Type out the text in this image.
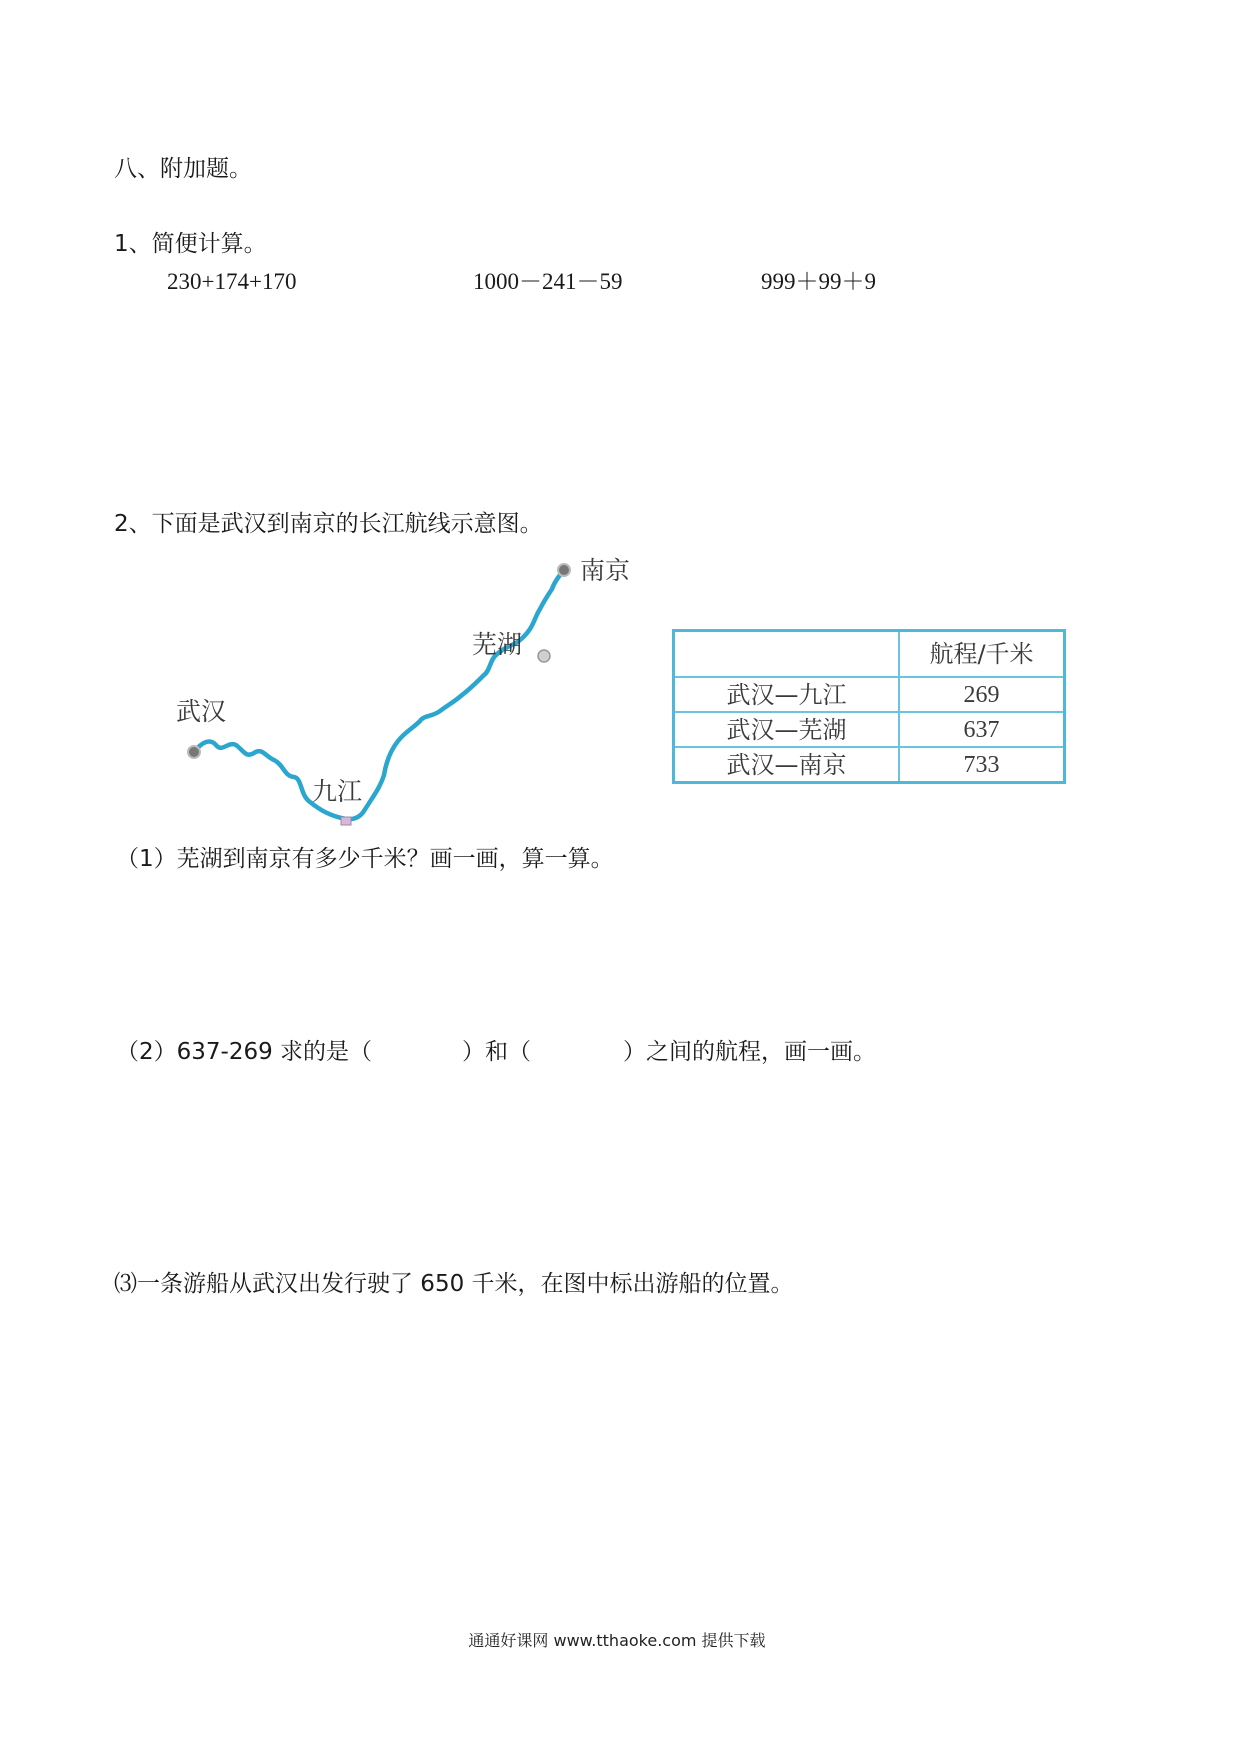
八、附加题。
1、简便计算。
230+174+170	1000－241－59	999＋99＋9
2、下面是武汉到南京的长江航线示意图。
武汉
九江
芜湖
南京
	航程/千米
武汉—九江	269
武汉—芜湖	637
武汉—南京	733
（1）芜湖到南京有多少千米？画一画，算一算。
（2）637-269 求的是（	）和（	）之间的航程，画一画。
⑶一条游船从武汉出发行驶了 650 千米，在图中标出游船的位置。
通通好课网 www.tthaoke.com 提供下载
